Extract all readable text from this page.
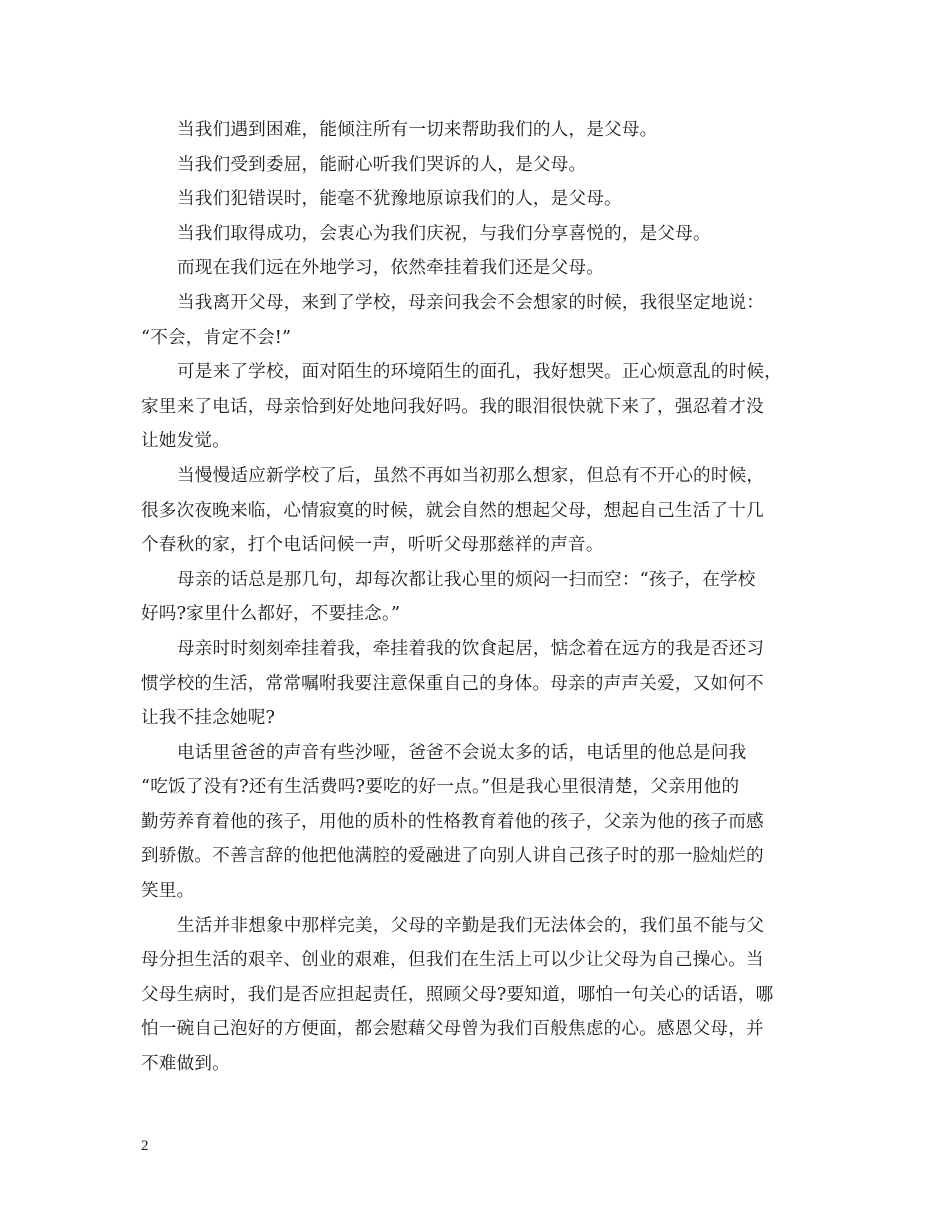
当我们遇到困难，能倾注所有一切来帮助我们的人，是父母。

当我们受到委屈，能耐心听我们哭诉的人，是父母。

当我们犯错误时，能毫不犹豫地原谅我们的人，是父母。

当我们取得成功，会衷心为我们庆祝，与我们分享喜悦的，是父母。

而现在我们远在外地学习，依然牵挂着我们还是父母。

当我离开父母，来到了学校，母亲问我会不会想家的时候，我很坚定地说：
“不会，肯定不会!”

可是来了学校，面对陌生的环境陌生的面孔，我好想哭。正心烦意乱的时候，
家里来了电话，母亲恰到好处地问我好吗。我的眼泪很快就下来了，强忍着才没
让她发觉。

当慢慢适应新学校了后，虽然不再如当初那么想家，但总有不开心的时候，
很多次夜晚来临，心情寂寞的时候，就会自然的想起父母，想起自己生活了十几
个春秋的家，打个电话问候一声，听听父母那慈祥的声音。

母亲的话总是那几句，却每次都让我心里的烦闷一扫而空：“孩子，在学校
好吗?家里什么都好，不要挂念。”

母亲时时刻刻牵挂着我，牵挂着我的饮食起居，惦念着在远方的我是否还习
惯学校的生活，常常嘱咐我要注意保重自己的身体。母亲的声声关爱，又如何不
让我不挂念她呢?

电话里爸爸的声音有些沙哑，爸爸不会说太多的话，电话里的他总是问我
“吃饭了没有?还有生活费吗?要吃的好一点。”但是我心里很清楚，父亲用他的
勤劳养育着他的孩子，用他的质朴的性格教育着他的孩子，父亲为他的孩子而感
到骄傲。不善言辞的他把他满腔的爱融进了向别人讲自己孩子时的那一脸灿烂的
笑里。

生活并非想象中那样完美，父母的辛勤是我们无法体会的，我们虽不能与父
母分担生活的艰辛、创业的艰难，但我们在生活上可以少让父母为自己操心。当
父母生病时，我们是否应担起责任，照顾父母?要知道，哪怕一句关心的话语，哪
怕一碗自己泡好的方便面，都会慰藉父母曾为我们百般焦虑的心。感恩父母，并
不难做到。

2
